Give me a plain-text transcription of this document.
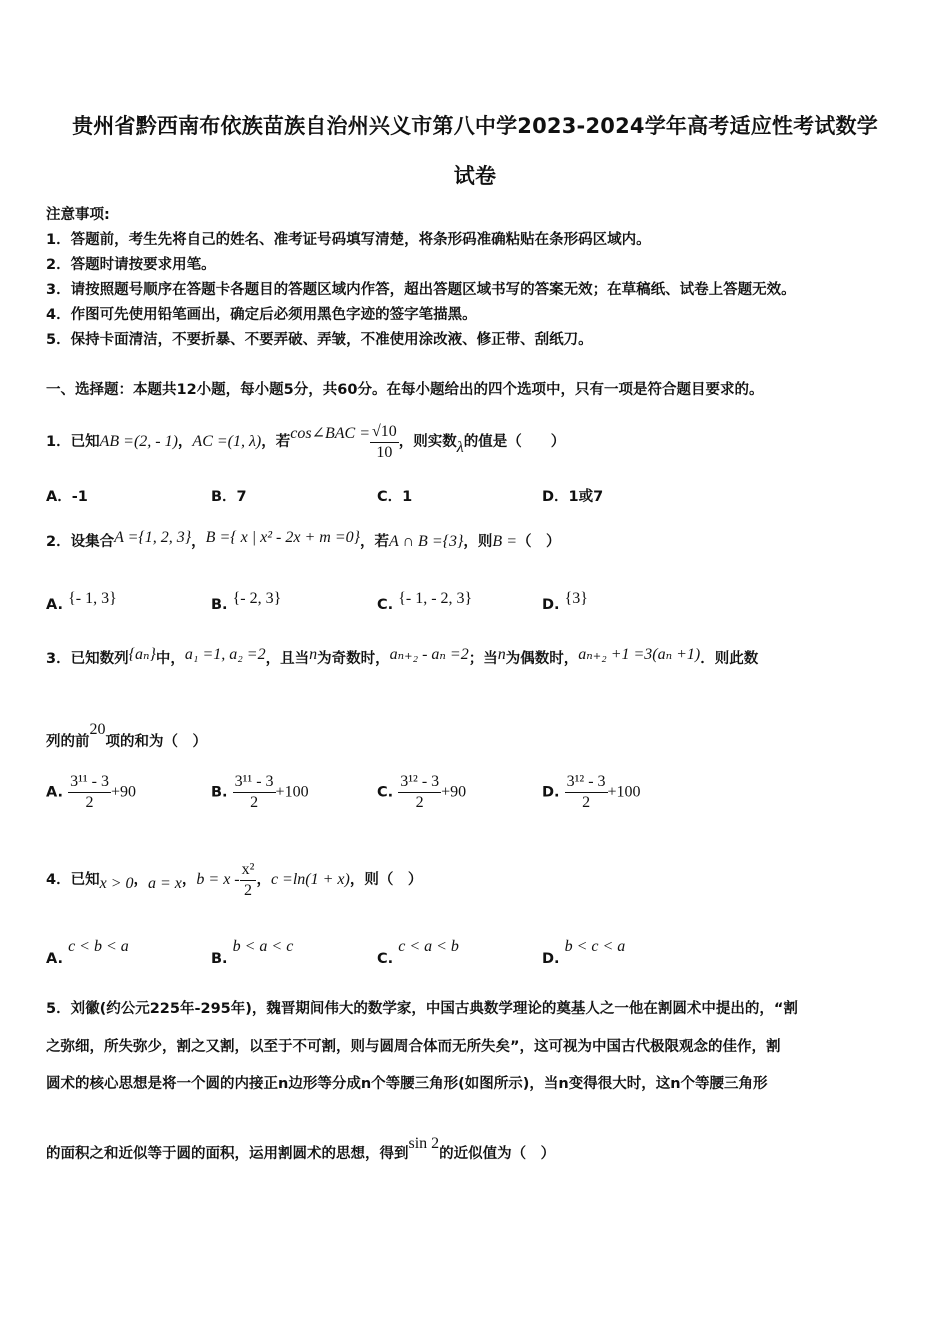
贵州省黔西南布依族苗族自治州兴义市第八中学2023-2024学年高考适应性考试数学
试卷
注意事项:
1．答题前，考生先将自己的姓名、准考证号码填写清楚，将条形码准确粘贴在条形码区域内。
2．答题时请按要求用笔。
3．请按照题号顺序在答题卡各题目的答题区域内作答，超出答题区域书写的答案无效；在草稿纸、试卷上答题无效。
4．作图可先使用铅笔画出，确定后必须用黑色字迹的签字笔描黑。
5．保持卡面清洁，不要折暴、不要弄破、弄皱，不准使用涂改液、修正带、刮纸刀。
一、选择题：本题共12小题，每小题5分，共60分。在每小题给出的四个选项中，只有一项是符合题目要求的。
1．已知AB =(2, - 1)，AC =(1, λ)，若cos∠BAC = $\frac{√10}{10}$ ，则实数λ的值是（　　）
A．-1	B．7	C．1	D．1或7
2．设集合A ={1, 2, 3}，B ={ x | x² - 2x + m =0}，若A ∩ B ={3}，则B =（　）
A. {- 1, 3}	B. {- 2, 3}	C. {- 1, - 2, 3}	D. {3}
3．已知数列{aₙ}中，a₁ =1, a₂ =2，且当n为奇数时，aₙ₊₂ - aₙ =2；当n为偶数时，aₙ₊₂ +1 =3(aₙ +1)．则此数
列的前20项的和为（　）
A. $\frac{\text{3¹¹ - 3}}{2} +90$	B. $\frac{\text{3¹¹ - 3}}{2} +100$	C. $\frac{\text{3¹² - 3}}{2} +90$	D. $\frac{\text{3¹² - 3}}{2} +100$
4．已知x > 0，a = x，$b = x - \frac{\text{x²}}{2}$ ，c =ln(1 + x)，则（　）
A. c < b < a
B. b < a < c
C. c < a < b
D. b < c < a
5．刘徽(约公元225年-295年)，魏晋期间伟大的数学家，中国古典数学理论的奠基人之一他在割圆术中提出的，“割
之弥细，所失弥少，割之又割，以至于不可割，则与圆周合体而无所失矣”，这可视为中国古代极限观念的佳作，割
圆术的核心思想是将一个圆的内接正n边形等分成n个等腰三角形(如图所示)，当n变得很大时，这n个等腰三角形
的面积之和近似等于圆的面积，运用割圆术的思想，得到sin 2的近似值为（　）
